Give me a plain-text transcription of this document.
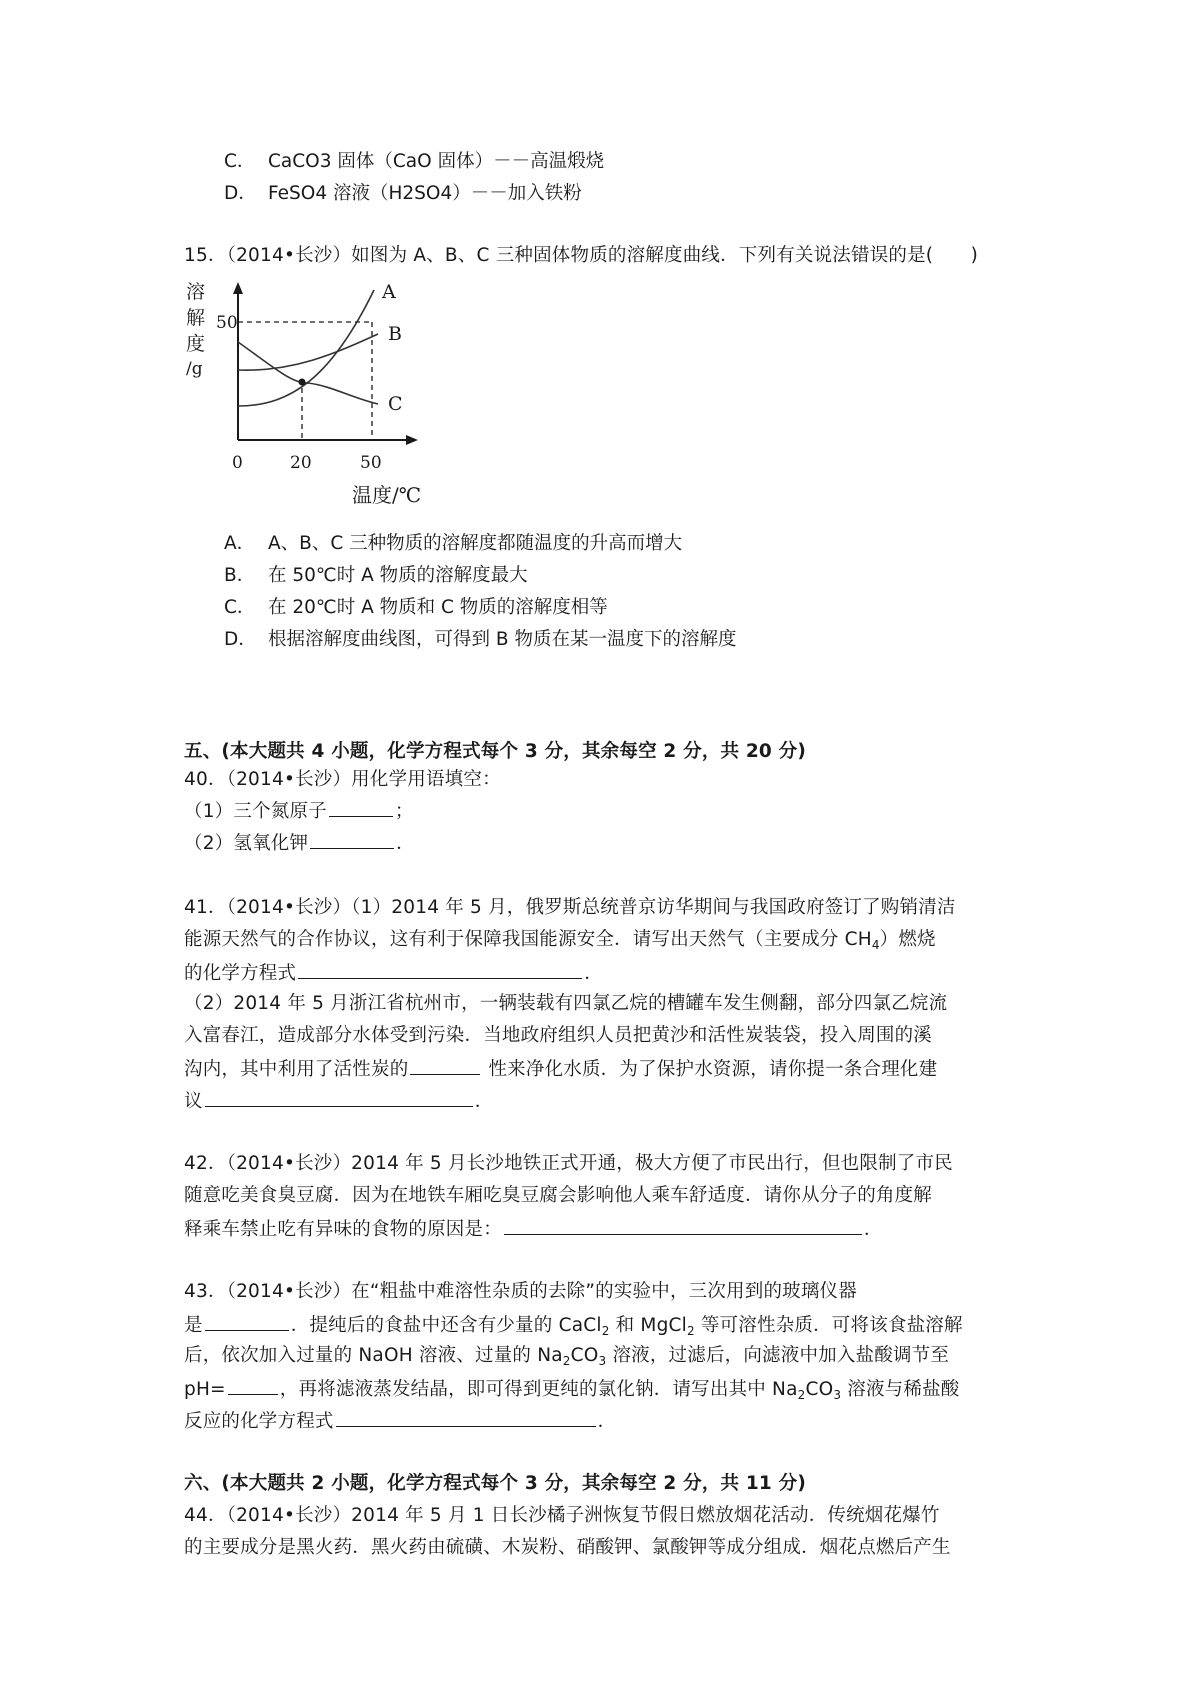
C． CaCO3 固体（CaO 固体）－－高温煅烧
D． FeSO4 溶液（H2SO4）－－加入铁粉
15．（2014•长沙）如图为 A、B、C 三种固体物质的溶解度曲线．下列有关说法错误的是(　　)
溶
解
度
/g
A
B
C
50
0	20	50
温度/℃
A． A、B、C 三种物质的溶解度都随温度的升高而增大
B． 在 50℃时 A 物质的溶解度最大
C． 在 20℃时 A 物质和 C 物质的溶解度相等
D． 根据溶解度曲线图，可得到 B 物质在某一温度下的溶解度
五、(本大题共 4 小题，化学方程式每个 3 分，其余每空 2 分，共 20 分)
40．（2014•长沙）用化学用语填空：
（1）三个氮原子	；
（2）氢氧化钾	．
41．（2014•长沙）（1）2014 年 5 月，俄罗斯总统普京访华期间与我国政府签订了购销清洁
能源天然气的合作协议，这有利于保障我国能源安全．请写出天然气（主要成分 $CH_4$）燃烧
的化学方程式	．
（2）2014 年 5 月浙江省杭州市，一辆装载有四氯乙烷的槽罐车发生侧翻，部分四氯乙烷流
入富春江，造成部分水体受到污染．当地政府组织人员把黄沙和活性炭装袋，投入周围的溪
沟内，其中利用了活性炭的	性来净化水质．为了保护水资源，请你提一条合理化建
议	．
42．（2014•长沙）2014 年 5 月长沙地铁正式开通，极大方便了市民出行，但也限制了市民
随意吃美食臭豆腐．因为在地铁车厢吃臭豆腐会影响他人乘车舒适度．请你从分子的角度解
释乘车禁止吃有异味的食物的原因是：	．
43．（2014•长沙）在“粗盐中难溶性杂质的去除”的实验中，三次用到的玻璃仪器
是	．提纯后的食盐中还含有少量的 CaCl$_2$ 和 MgCl$_2$ 等可溶性杂质．可将该食盐溶解
后，依次加入过量的 NaOH 溶液、过量的 $Na_2CO_3$ 溶液，过滤后，向滤液中加入盐酸调节至
pH=	，再将滤液蒸发结晶，即可得到更纯的氯化钠．请写出其中 $Na_2CO_3$ 溶液与稀盐酸
反应的化学方程式	．
六、(本大题共 2 小题，化学方程式每个 3 分，其余每空 2 分，共 11 分)
44．（2014•长沙）2014 年 5 月 1 日长沙橘子洲恢复节假日燃放烟花活动．传统烟花爆竹
的主要成分是黑火药．黑火药由硫磺、木炭粉、硝酸钾、氯酸钾等成分组成．烟花点燃后产生
